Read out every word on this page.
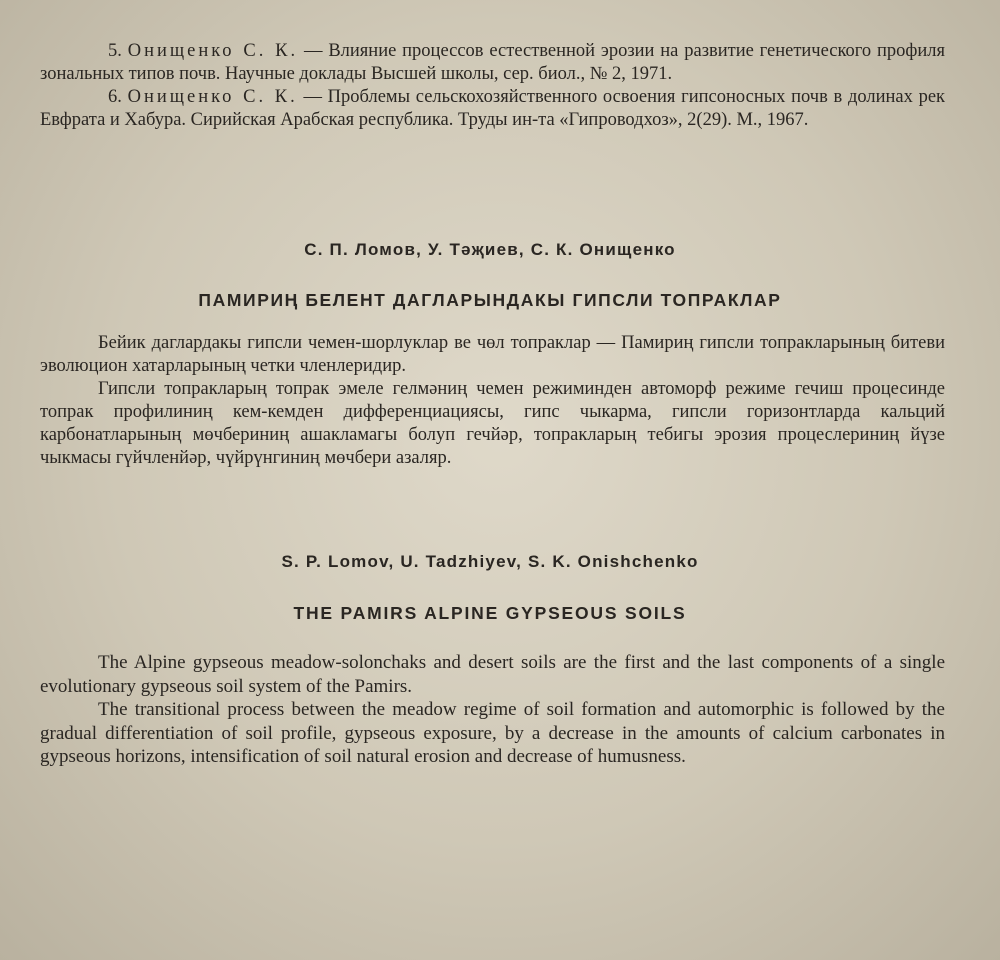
5. Онищенко С. К. — Влияние процессов естественной эрозии на развитие генетического профиля зональных типов почв. Научные доклады Высшей школы, сер. биол., № 2, 1971.

6. Онищенко С. К. — Проблемы сельскохозяйственного освоения гипсоносных почв в долинах рек Евфрата и Хабура. Сирийская Арабская республика. Труды ин-та «Гипроводхоз», 2(29). М., 1967.

С. П. Ломов, У. Тәҗиев, С. К. Онищенко
ПАМИРИҢ БЕЛЕНТ ДАГЛАРЫНДАКЫ ГИПСЛИ ТОПРАКЛАР

Бейик даглардакы гипсли чемен-шорлуклар ве чөл топраклар — Памириң гипсли топракларының битеви эволюцион хатарларының четки членлеридир.

Гипсли топракларың топрак эмеле гелмәниң чемен режиминден автоморф режиме гечиш процесинде топрак профилиниң кем-кемден дифференциациясы, гипс чыкарма, гипсли горизонтларда кальций карбонатларының мөчбериниң ашакламагы болуп гечйәр, топракларың тебигы эрозия процеслериниң йүзе чыкмасы гүйчленйәр, чүйрүнгиниң мөчбери азаляр.

S. P. Lomov, U. Tadzhiyev, S. K. Onishchenko
THE PAMIRS ALPINE GYPSEOUS SOILS

The Alpine gypseous meadow-solonchaks and desert soils are the first and the last components of a single evolutionary gypseous soil system of the Pamirs.

The transitional process between the meadow regime of soil formation and automorphic is followed by the gradual differentiation of soil profile, gypseous exposure, by a decrease in the amounts of calcium carbonates in gypseous horizons, intensification of soil natural erosion and decrease of humusness.
